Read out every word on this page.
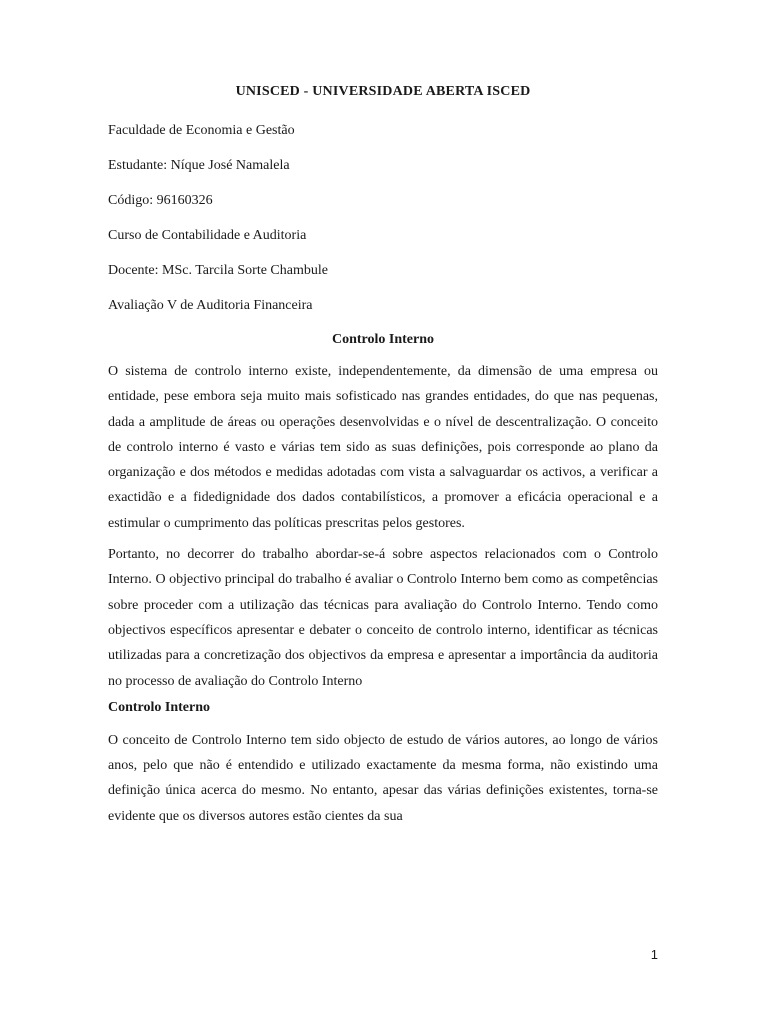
UNISCED - UNIVERSIDADE ABERTA ISCED
Faculdade de Economia e Gestão
Estudante: Níque José Namalela
Código: 96160326
Curso de Contabilidade e Auditoria
Docente: MSc. Tarcila Sorte Chambule
Avaliação V de Auditoria Financeira
Controlo Interno

O sistema de controlo interno existe, independentemente, da dimensão de uma empresa ou entidade, pese embora seja muito mais sofisticado nas grandes entidades, do que nas pequenas, dada a amplitude de áreas ou operações desenvolvidas e o nível de descentralização. O conceito de controlo interno é vasto e várias tem sido as suas definições, pois corresponde ao plano da organização e dos métodos e medidas adotadas com vista a salvaguardar os activos, a verificar a exactidão e a fidedignidade dos dados contabilísticos, a promover a eficácia operacional e a estimular o cumprimento das políticas prescritas pelos gestores.

Portanto, no decorrer do trabalho abordar-se-á sobre aspectos relacionados com o Controlo Interno. O objectivo principal do trabalho é avaliar o Controlo Interno bem como as competências sobre proceder com a utilização das técnicas para avaliação do Controlo Interno. Tendo como objectivos específicos apresentar e debater o conceito de controlo interno, identificar as técnicas utilizadas para a concretização dos objectivos da empresa e apresentar a importância da auditoria no processo de avaliação do Controlo Interno

Controlo Interno

O conceito de Controlo Interno tem sido objecto de estudo de vários autores, ao longo de vários anos, pelo que não é entendido e utilizado exactamente da mesma forma, não existindo uma definição única acerca do mesmo. No entanto, apesar das várias definições existentes, torna-se evidente que os diversos autores estão cientes da sua

1
